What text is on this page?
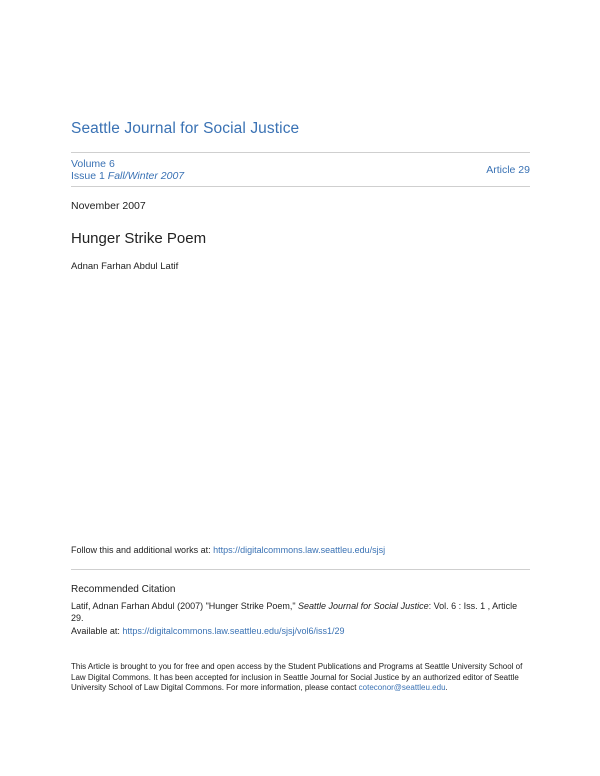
Seattle Journal for Social Justice
Volume 6
Issue 1 Fall/Winter 2007	Article 29
November 2007
Hunger Strike Poem
Adnan Farhan Abdul Latif
Follow this and additional works at: https://digitalcommons.law.seattleu.edu/sjsj
Recommended Citation
Latif, Adnan Farhan Abdul (2007) "Hunger Strike Poem," Seattle Journal for Social Justice: Vol. 6 : Iss. 1 , Article 29.
Available at: https://digitalcommons.law.seattleu.edu/sjsj/vol6/iss1/29
This Article is brought to you for free and open access by the Student Publications and Programs at Seattle University School of Law Digital Commons. It has been accepted for inclusion in Seattle Journal for Social Justice by an authorized editor of Seattle University School of Law Digital Commons. For more information, please contact coteconor@seattleu.edu.
